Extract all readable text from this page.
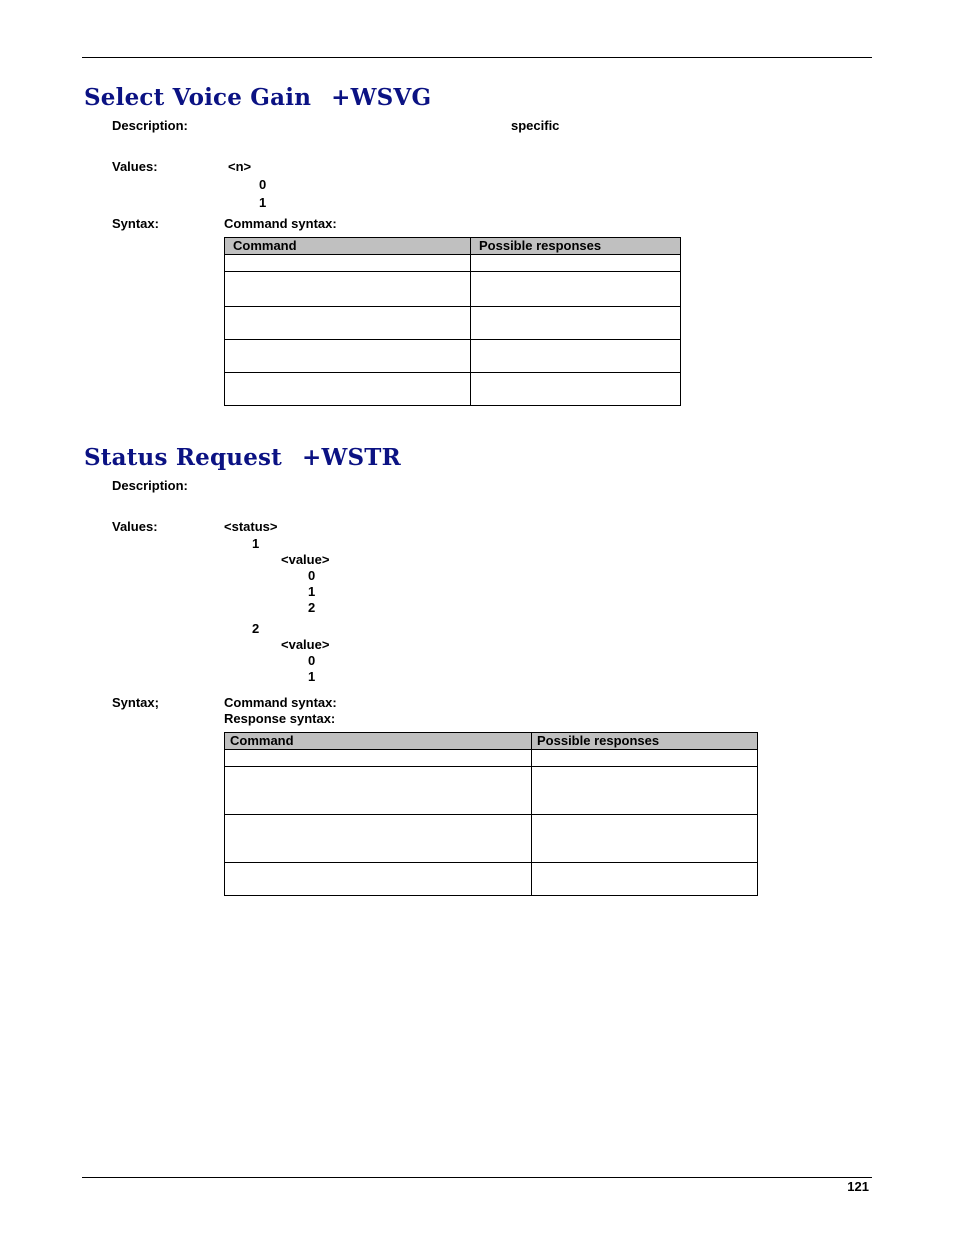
Select Voice Gain +WSVG
Description:	specific
Values:	<n>
0
1
Syntax:	Command syntax:
Command	Possible responses

Status Request +WSTR
Description:
Values:	<status>
1
<value>
0
1
2
2
<value>
0
1
Syntax;	Command syntax:
Response syntax:
Command	Possible responses

121
